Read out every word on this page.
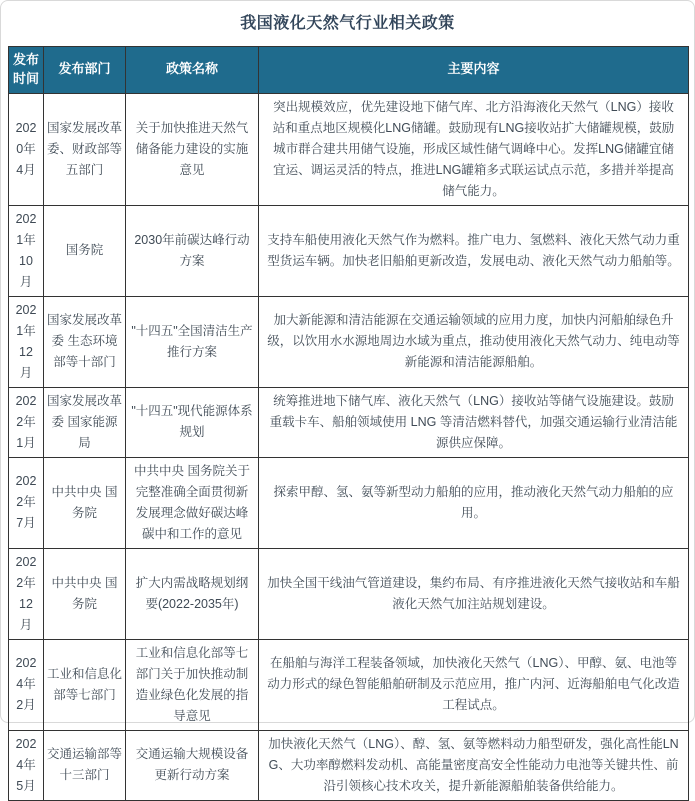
我国液化天然气行业相关政策
发布时间	发布部门	政策名称	主要内容
2020年4月	国家发展改革委、财政部等五部门	关于加快推进天然气储备能力建设的实施意见	突出规模效应，优先建设地下储气库、北方沿海液化天然气（LNG）接收站和重点地区规模化LNG储罐。鼓励现有LNG接收站扩大储罐规模，鼓励城市群合建共用储气设施，形成区域性储气调峰中心。发挥LNG储罐宜储宜运、调运灵活的特点，推进LNG罐箱多式联运试点示范，多措并举提高储气能力。
2021年10月	国务院	2030年前碳达峰行动方案	支持车船使用液化天然气作为燃料。推广电力、氢燃料、液化天然气动力重型货运车辆。加快老旧船舶更新改造，发展电动、液化天然气动力船舶等。
2021年12月	国家发展改革委 生态环境部等十部门	"十四五"全国清洁生产推行方案	加大新能源和清洁能源在交通运输领域的应用力度，加快内河船舶绿色升级，以饮用水水源地周边水域为重点，推动使用液化天然气动力、纯电动等新能源和清洁能源船舶。
2022年1月	国家发展改革委 国家能源局	"十四五"现代能源体系规划	统筹推进地下储气库、液化天然气（LNG）接收站等储气设施建设。鼓励重载卡车、船舶领域使用 LNG 等清洁燃料替代，加强交通运输行业清洁能源供应保障。
2022年7月	中共中央 国务院	中共中央 国务院关于完整准确全面贯彻新发展理念做好碳达峰碳中和工作的意见	探索甲醇、氢、氨等新型动力船舶的应用，推动液化天然气动力船舶的应用。
2022年12月	中共中央 国务院	扩大内需战略规划纲要(2022-2035年)	加快全国干线油气管道建设，集约布局、有序推进液化天然气接收站和车船液化天然气加注站规划建设。
2024年2月	工业和信息化部等七部门	工业和信息化部等七部门关于加快推动制造业绿色化发展的指导意见	在船舶与海洋工程装备领域，加快液化天然气（LNG）、甲醇、氨、电池等动力形式的绿色智能船舶研制及示范应用，推广内河、近海船舶电气化改造工程试点。
2024年5月	交通运输部等十三部门	交通运输大规模设备更新行动方案	加快液化天然气（LNG）、醇、氢、氨等燃料动力船型研发，强化高性能LNG、大功率醇燃料发动机、高能量密度高安全性能动力电池等关键共性、前沿引领核心技术攻关，提升新能源船舶装备供给能力。
